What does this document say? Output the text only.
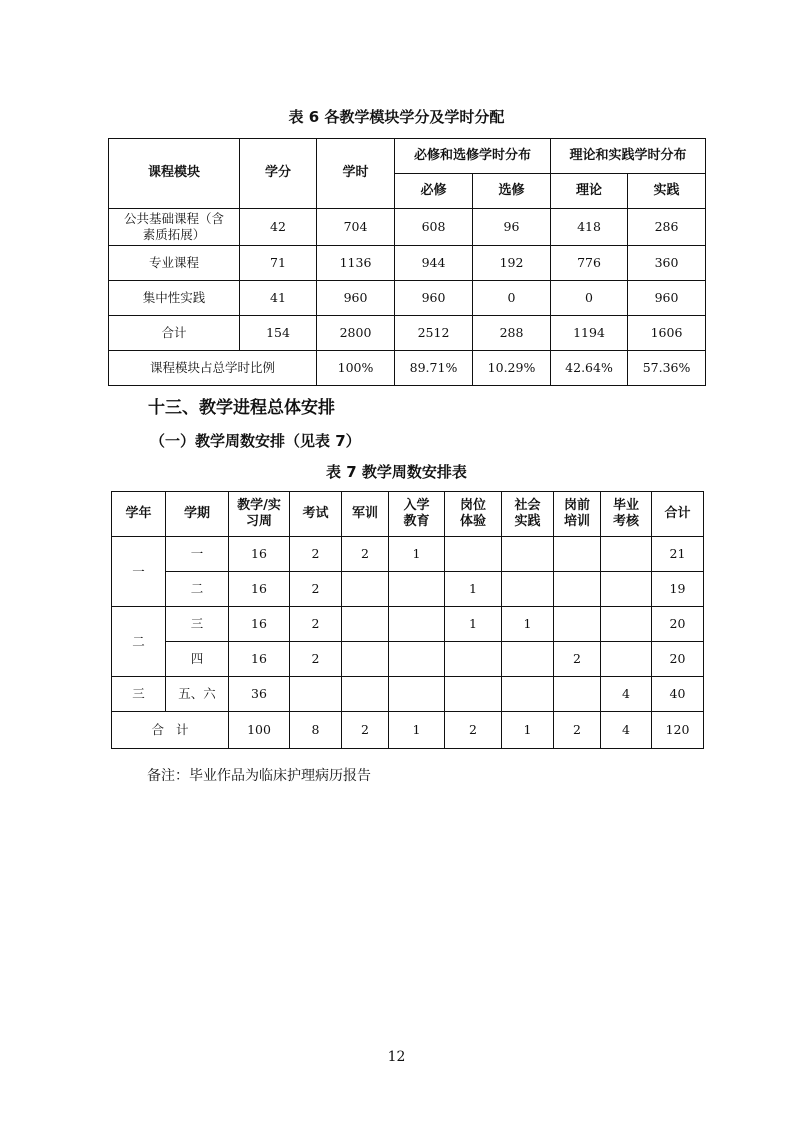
表 6 各教学模块学分及学时分配
课程模块	学分	学时	必修和选修学时分布		理论和实践学时分布	
			必修	选修	理论	实践
公共基础课程（含素质拓展）	42	704	608	96	418	286
专业课程	71	1136	944	192	776	360
集中性实践	41	960	960	0	0	960
合计	154	2800	2512	288	1194	1606
课程模块占总学时比例		100%	89.71%	10.29%	42.64%	57.36%
十三、教学进程总体安排
（一）教学周数安排（见表 7）
表 7 教学周数安排表
学年	学期	教学/实习周	考试	军训	入学教育	岗位体验	社会实践	岗前培训	毕业考核	合计
一	一	16	2	2	1					21
	二	16	2			1				19
二	三	16	2			1	1			20
	四	16	2					2		20
三	五、六	36							4	40
合   计		100	8	2	1	2	1	2	4	120
备注：毕业作品为临床护理病历报告
12
